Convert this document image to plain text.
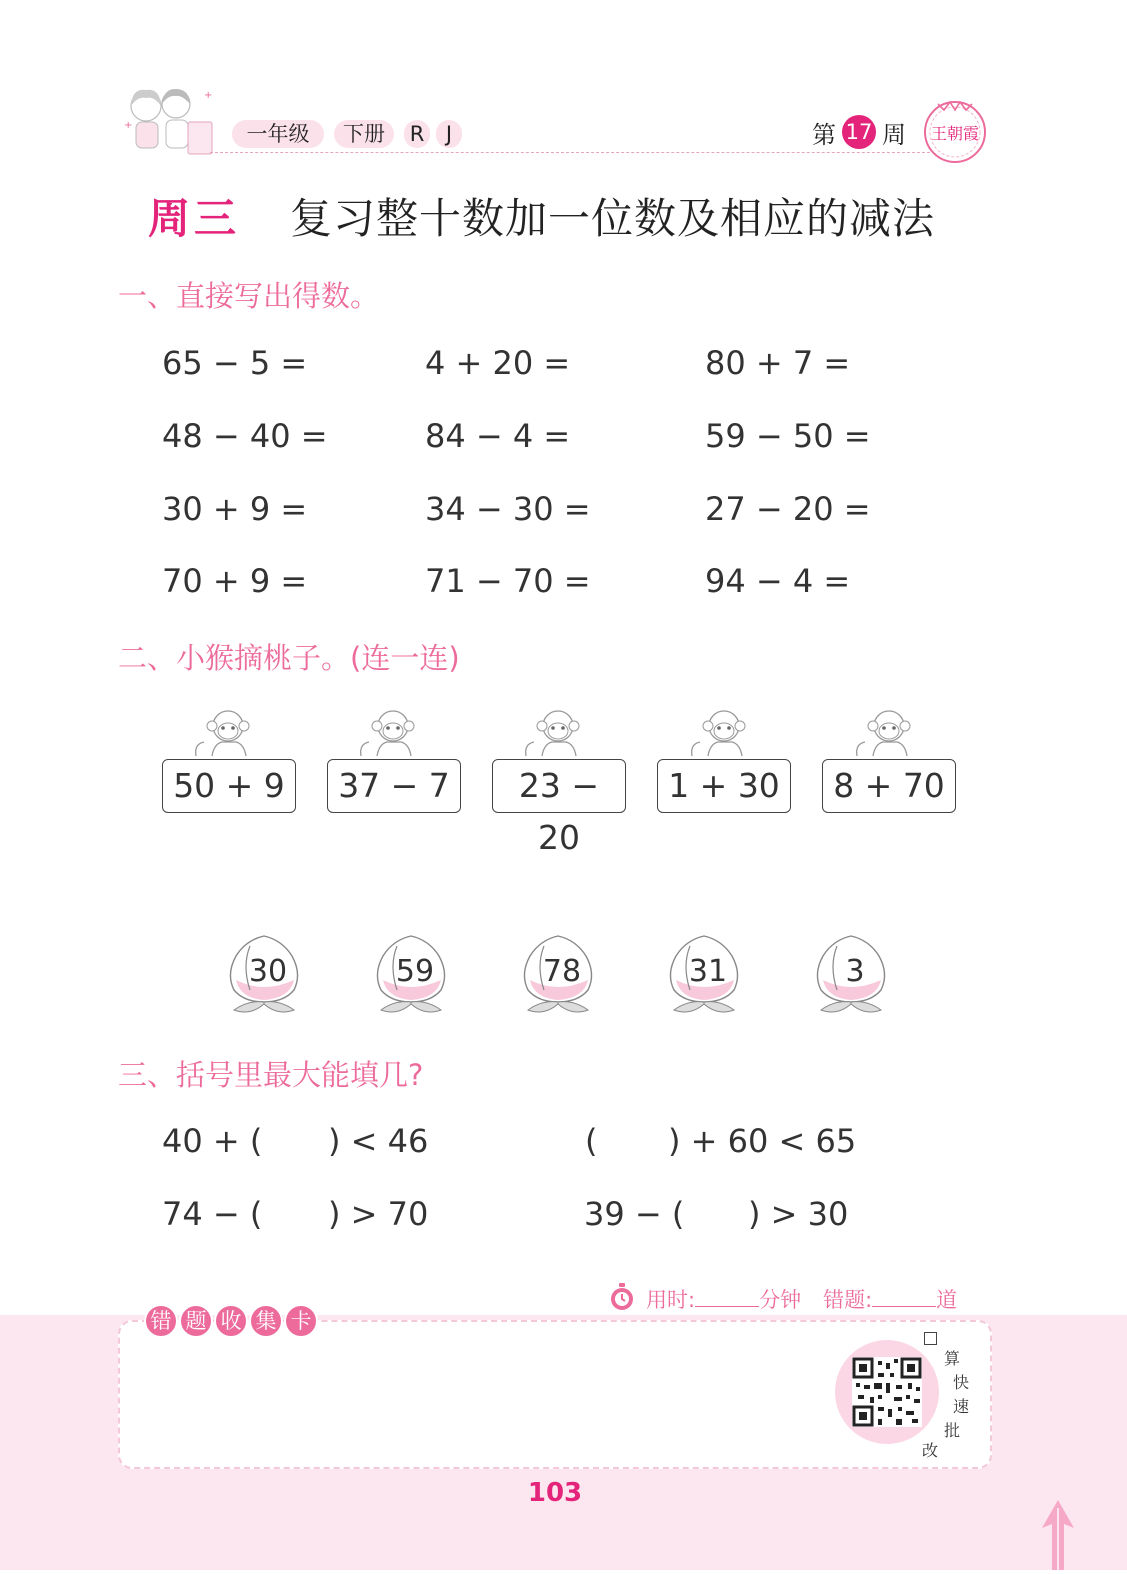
+
+
一年级	下册	R	J	第 17 周	王朝霞
周三 复习整十数加一位数及相应的减法
一、直接写出得数。
65 − 5 =	4 + 20 =	80 + 7 =
48 − 40 =	84 − 4 =	59 − 50 =
30 + 9 =	34 − 30 =	27 − 20 =
70 + 9 =	71 − 70 =	94 − 4 =
二、小猴摘桃子。(连一连)
50 + 9	37 − 7	23 − 20
1 + 30	8 + 70
30	59	78	31	3
三、括号里最大能填几?
40 + ( ) < 46	( ) + 60 < 65
74 − ( ) > 70	39 − ( ) > 30
用时:	分钟 错题:	道
错 题 收 集 卡
算
快
速
批
改
103
